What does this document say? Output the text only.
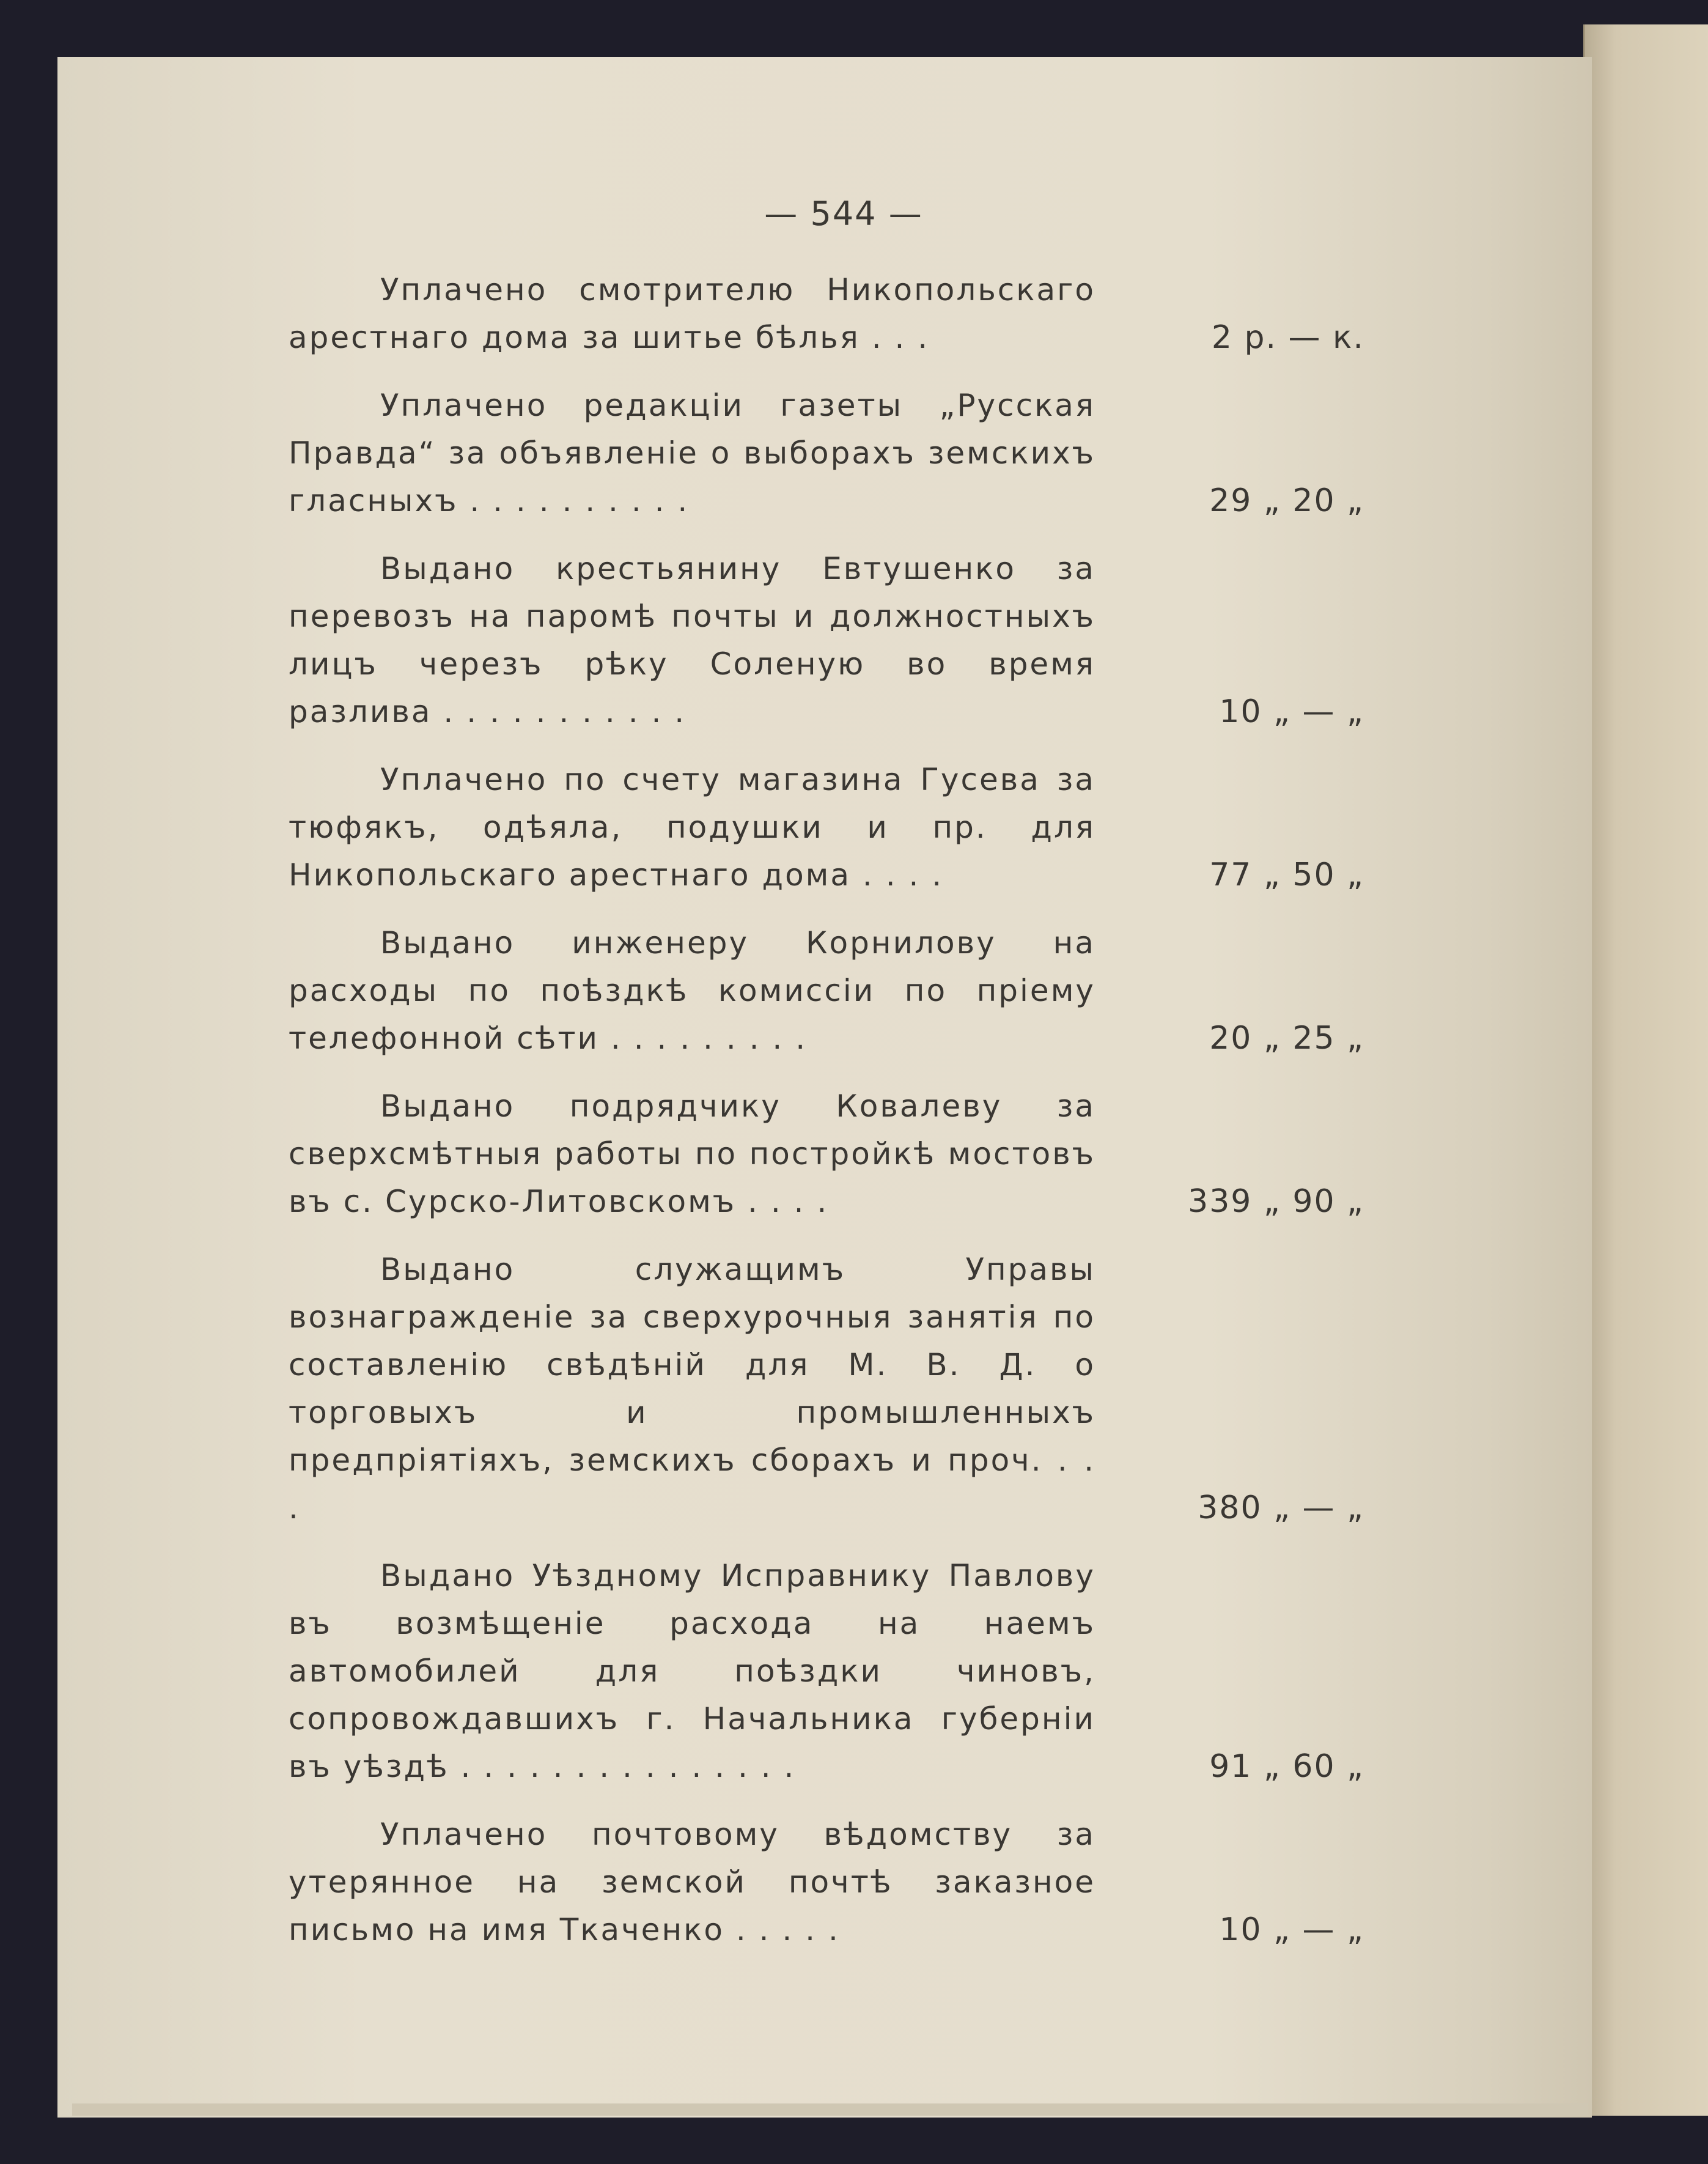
— 544 —
Уплачено смотрителю Никопольскаго арестнаго дома за шитье бѣлья . . .	2 р. — к.
Уплачено редакціи газеты „Русская Правда“ за объявленіе о выборахъ земскихъ гласныхъ . . . . . . . . . .	29 „ 20 „
Выдано крестьянину Евтушенко за перевозъ на паромѣ почты и должностныхъ лицъ черезъ рѣку Соленую во время разлива . . . . . . . . . . .	10 „ — „
Уплачено по счету магазина Гусева за тюфякъ, одѣяла, подушки и пр. для Никопольскаго арестнаго дома . . . .	77 „ 50 „
Выдано инженеру Корнилову на расходы по поѣздкѣ комиссіи по пріему телефонной сѣти . . . . . . . . .	20 „ 25 „
Выдано подрядчику Ковалеву за сверхсмѣтныя работы по постройкѣ мостовъ въ с. Сурско-Литовскомъ . . . .	339 „ 90 „
Выдано служащимъ Управы вознагражденіе за сверхурочныя занятія по составленію свѣдѣній для М. В. Д. о торговыхъ и промышленныхъ предпріятіяхъ, земскихъ сборахъ и проч. . . .	380 „ — „
Выдано Уѣздному Исправнику Павлову въ возмѣщеніе расхода на наемъ автомобилей для поѣздки чиновъ, сопровождавшихъ г. Начальника губерніи въ уѣздѣ . . . . . . . . . . . . . . .	91 „ 60 „
Уплачено почтовому вѣдомству за утерянное на земской почтѣ заказное письмо на имя Ткаченко . . . . .	10 „ — „
